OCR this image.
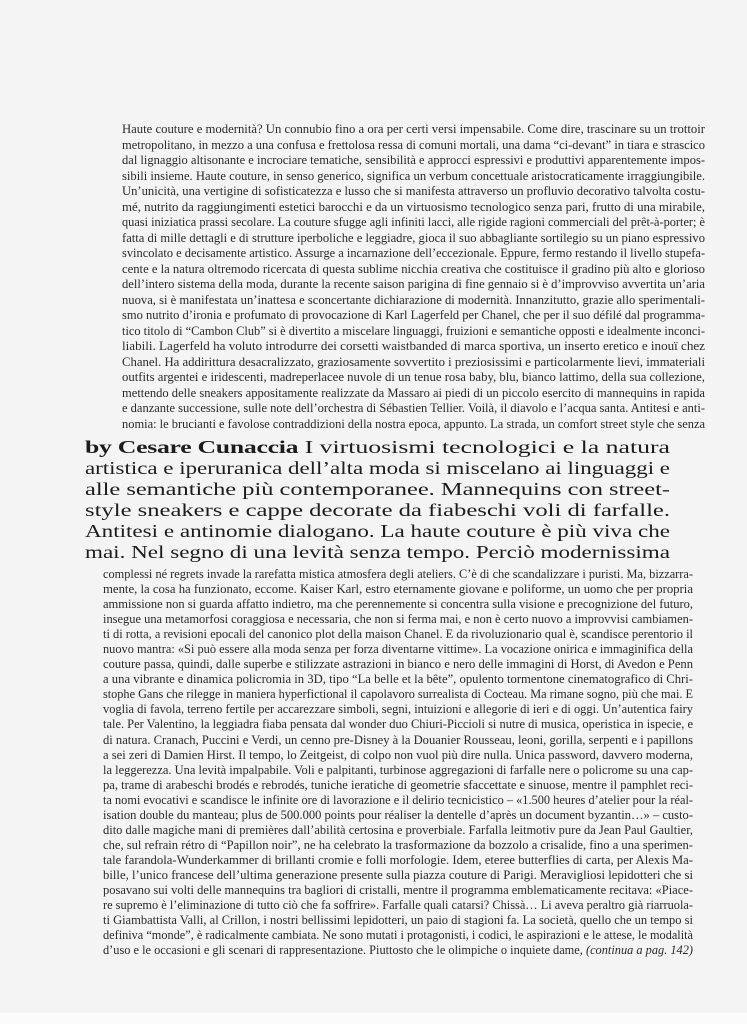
Haute couture e modernità? Un connubio fino a ora per certi versi impensabile. Come dire, trascinare su un trottoir
metropolitano, in mezzo a una confusa e frettolosa ressa di comuni mortali, una dama “ci-devant” in tiara e strascico
dal lignaggio altisonante e incrociare tematiche, sensibilità e approcci espressivi e produttivi apparentemente impos-
sibili insieme. Haute couture, in senso generico, significa un verbum concettuale aristocraticamente irraggiungibile.
Un’unicità, una vertigine di sofisticatezza e lusso che si manifesta attraverso un profluvio decorativo talvolta costu-
mé, nutrito da raggiungimenti estetici barocchi e da un virtuosismo tecnologico senza pari, frutto di una mirabile,
quasi iniziatica prassi secolare. La couture sfugge agli infiniti lacci, alle rigide ragioni commerciali del prêt-à-porter; è
fatta di mille dettagli e di strutture iperboliche e leggiadre, gioca il suo abbagliante sortilegio su un piano espressivo
svincolato e decisamente artistico. Assurge a incarnazione dell’eccezionale. Eppure, fermo restando il livello stupefa-
cente e la natura oltremodo ricercata di questa sublime nicchia creativa che costituisce il gradino più alto e glorioso
dell’intero sistema della moda, durante la recente saison parigina di fine gennaio si è d’improvviso avvertita un’aria
nuova, si è manifestata un’inattesa e sconcertante dichiarazione di modernità. Innanzitutto, grazie allo sperimentali-
smo nutrito d’ironia e profumato di provocazione di Karl Lagerfeld per Chanel, che per il suo défilé dal programma-
tico titolo di “Cambon Club” si è divertito a miscelare linguaggi, fruizioni e semantiche opposti e idealmente inconci-
liabili. Lagerfeld ha voluto introdurre dei corsetti waistbanded di marca sportiva, un inserto eretico e inouï chez
Chanel. Ha addirittura desacralizzato, graziosamente sovvertito i preziosissimi e particolarmente lievi, immateriali
outfits argentei e iridescenti, madreperlacee nuvole di un tenue rosa baby, blu, bianco lattimo, della sua collezione,
mettendo delle sneakers appositamente realizzate da Massaro ai piedi di un piccolo esercito di mannequins in rapida
e danzante successione, sulle note dell’orchestra di Sébastien Tellier. Voilà, il diavolo e l’acqua santa. Antitesi e anti-
nomia: le brucianti e favolose contraddizioni della nostra epoca, appunto. La strada, un comfort street style che senza
by Cesare Cunaccia I virtuosismi tecnologici e la natura
artistica e iperuranica dell’alta moda si miscelano ai linguaggi e
alle semantiche più contemporanee. Mannequins con street-
style sneakers e cappe decorate da fiabeschi voli di farfalle.
Antitesi e antinomie dialogano. La haute couture è più viva che
mai. Nel segno di una levità senza tempo. Perciò modernissima
complessi né regrets invade la rarefatta mistica atmosfera degli ateliers. C’è di che scandalizzare i puristi. Ma, bizzarra-
mente, la cosa ha funzionato, eccome. Kaiser Karl, estro eternamente giovane e poliforme, un uomo che per propria
ammissione non si guarda affatto indietro, ma che perennemente si concentra sulla visione e precognizione del futuro,
insegue una metamorfosi coraggiosa e necessaria, che non si ferma mai, e non è certo nuovo a improvvisi cambiamen-
ti di rotta, a revisioni epocali del canonico plot della maison Chanel. E da rivoluzionario qual è, scandisce perentorio il
nuovo mantra: «Si può essere alla moda senza per forza diventarne vittime». La vocazione onirica e immaginifica della
couture passa, quindi, dalle superbe e stilizzate astrazioni in bianco e nero delle immagini di Horst, di Avedon e Penn
a una vibrante e dinamica policromia in 3D, tipo “La belle et la bête”, opulento tormentone cinematografico di Chri-
stophe Gans che rilegge in maniera hyperfictional il capolavoro surrealista di Cocteau. Ma rimane sogno, più che mai. E
voglia di favola, terreno fertile per accarezzare simboli, segni, intuizioni e allegorie di ieri e di oggi. Un’autentica fairy
tale. Per Valentino, la leggiadra fiaba pensata dal wonder duo Chiuri-Piccioli si nutre di musica, operistica in ispecie, e
di natura. Cranach, Puccini e Verdi, un cenno pre-Disney à la Douanier Rousseau, leoni, gorilla, serpenti e i papillons
a sei zeri di Damien Hirst. Il tempo, lo Zeitgeist, di colpo non vuol più dire nulla. Unica password, davvero moderna,
la leggerezza. Una levità impalpabile. Voli e palpitanti, turbinose aggregazioni di farfalle nere o policrome su una cap-
pa, trame di arabeschi brodés e rebrodés, tuniche ieratiche di geometrie sfaccettate e sinuose, mentre il pamphlet reci-
ta nomi evocativi e scandisce le infinite ore di lavorazione e il delirio tecnicistico – «1.500 heures d’atelier pour la réal-
isation double du manteau; plus de 500.000 points pour réaliser la dentelle d’après un document byzantin…» – custo-
dito dalle magiche mani di premières dall’abilità certosina e proverbiale. Farfalla leitmotiv pure da Jean Paul Gaultier,
che, sul refrain rétro di “Papillon noir”, ne ha celebrato la trasformazione da bozzolo a crisalide, fino a una sperimen-
tale farandola-Wunderkammer di brillanti cromie e folli morfologie. Idem, eteree butterflies di carta, per Alexis Ma-
bille, l’unico francese dell’ultima generazione presente sulla piazza couture di Parigi. Meravigliosi lepidotteri che si
posavano sui volti delle mannequins tra bagliori di cristalli, mentre il programma emblematicamente recitava: «Piace-
re supremo è l’eliminazione di tutto ciò che fa soffrire». Farfalle quali catarsi? Chissà… Li aveva peraltro già riarruola-
ti Giambattista Valli, al Crillon, i nostri bellissimi lepidotteri, un paio di stagioni fa. La società, quello che un tempo si
definiva “monde”, è radicalmente cambiata. Ne sono mutati i protagonisti, i codici, le aspirazioni e le attese, le modalità
d’uso e le occasioni e gli scenari di rappresentazione. Piuttosto che le olimpiche o inquiete dame, (continua a pag. 142)
